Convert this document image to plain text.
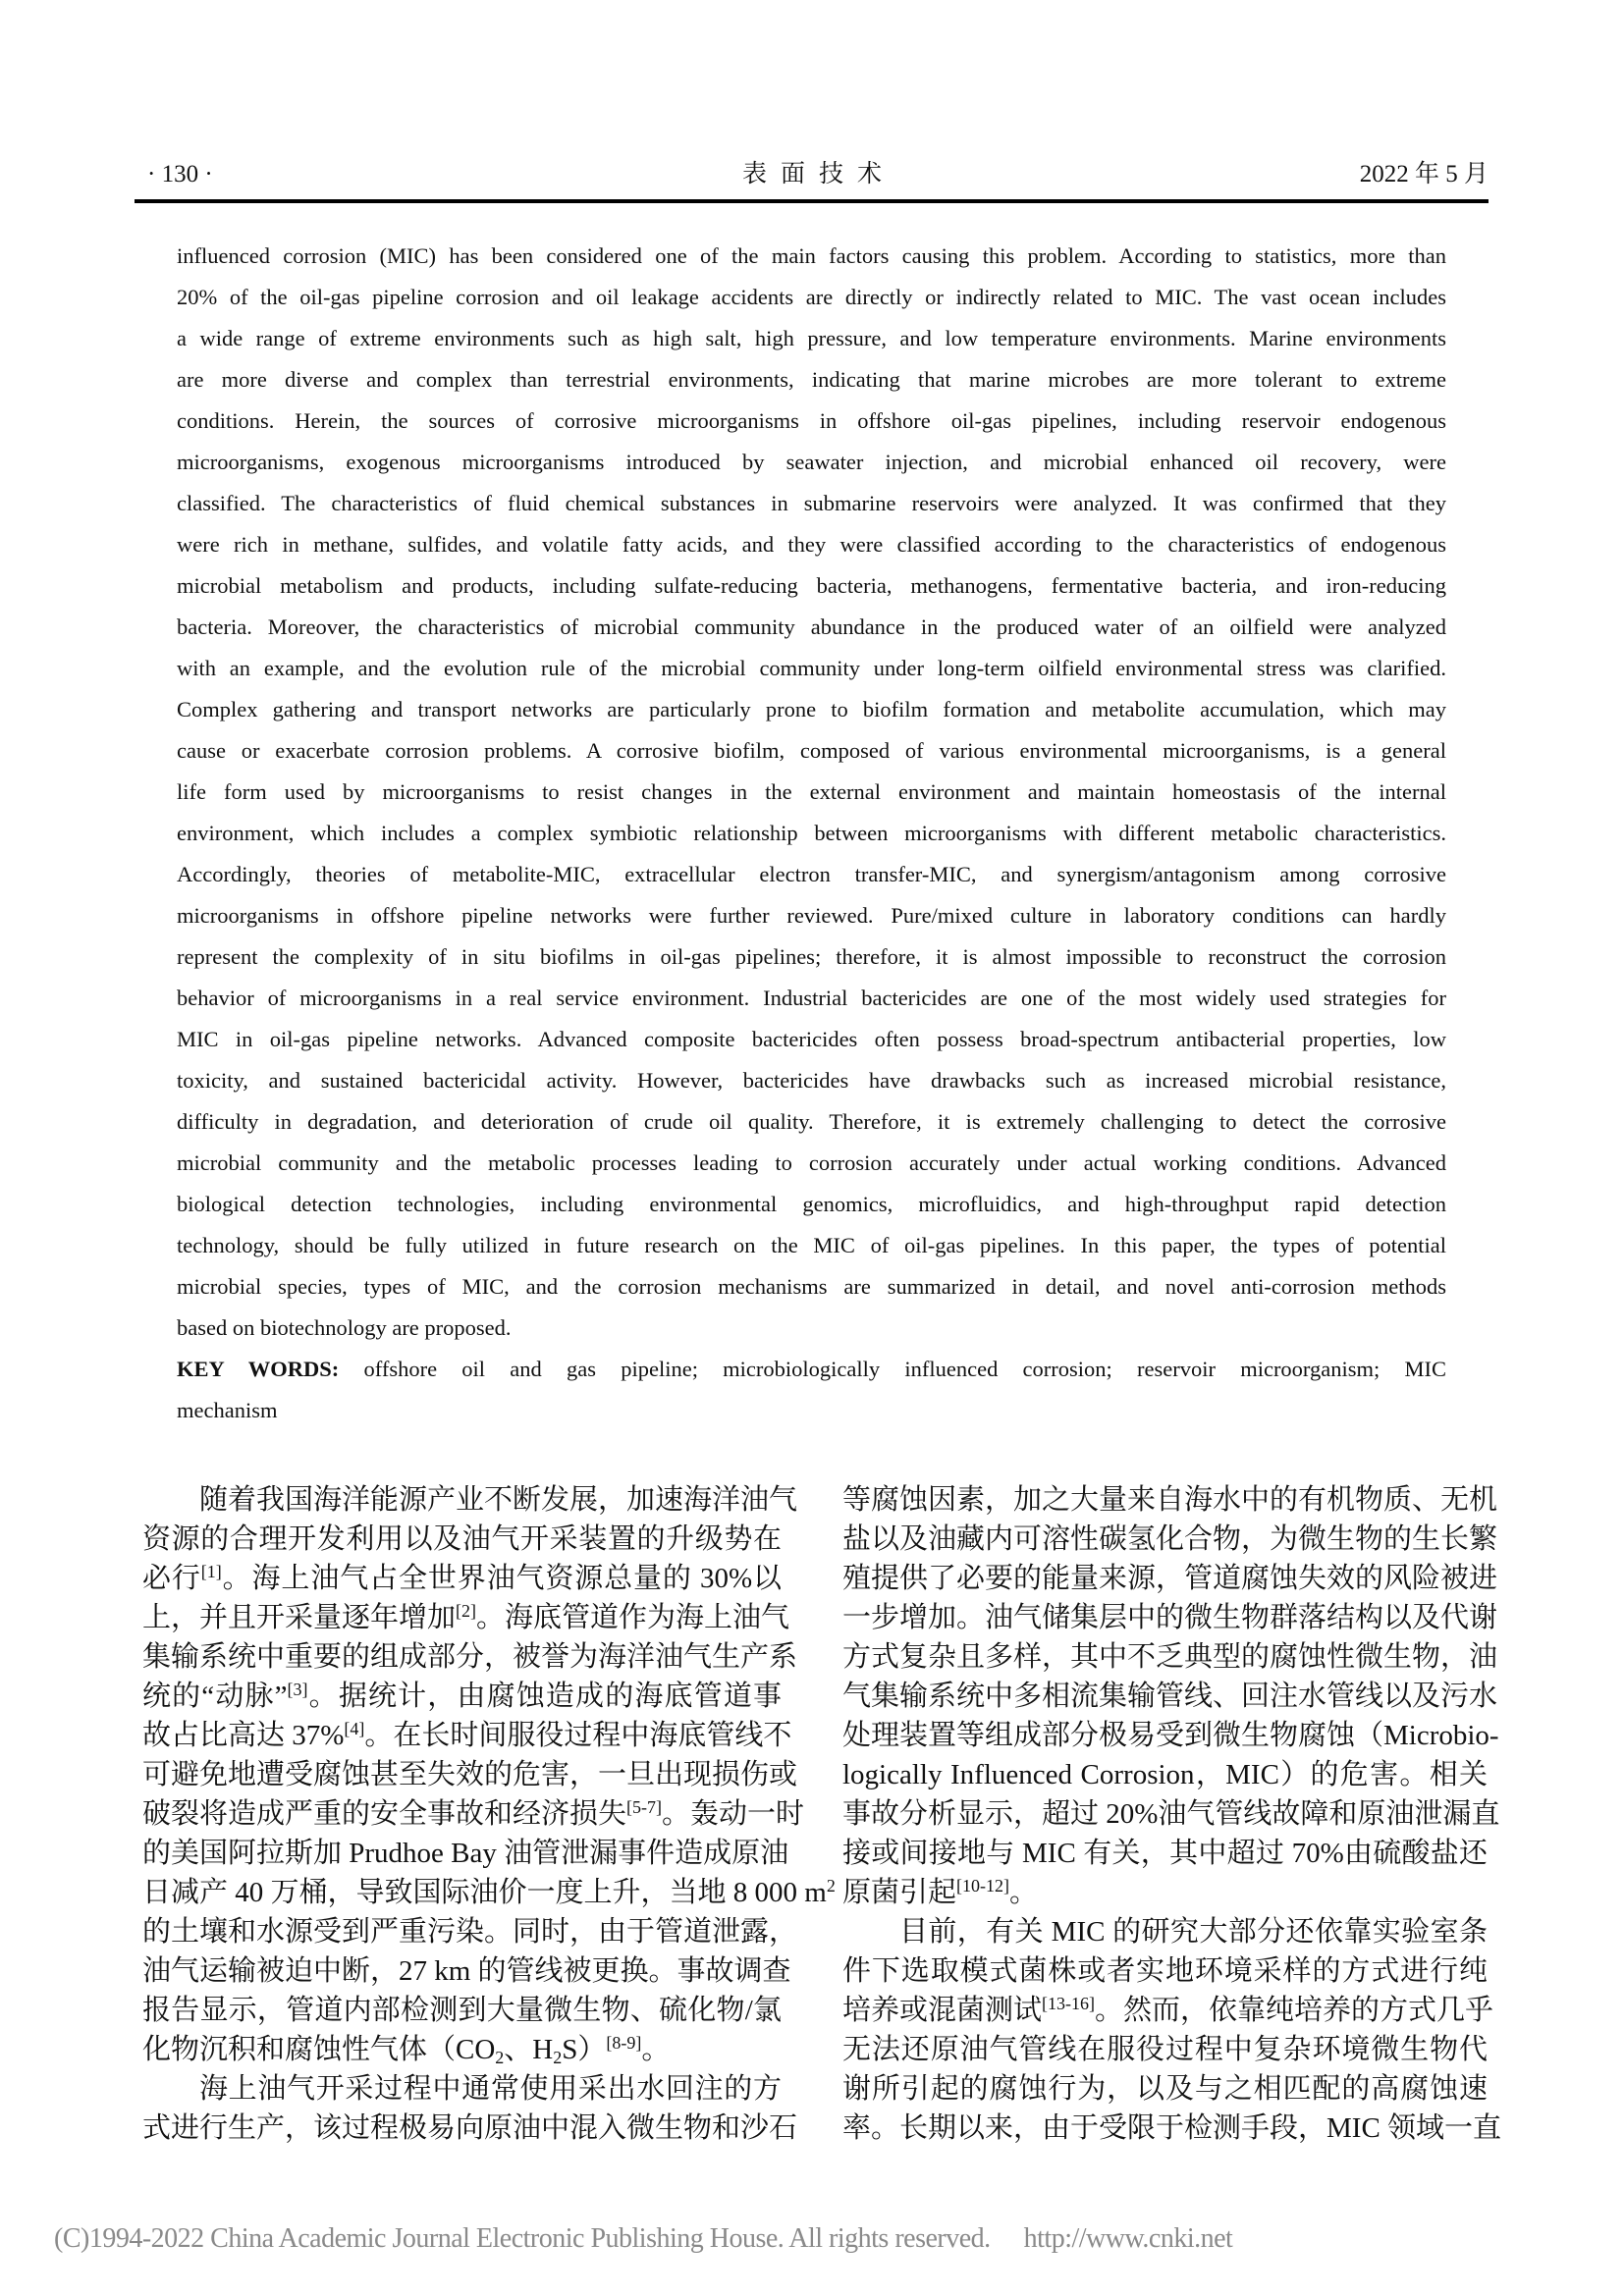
· 130 ·	表面技术	2022 年 5 月
influenced corrosion (MIC) has been considered one of the main factors causing this problem. According to statistics, more than
20% of the oil-gas pipeline corrosion and oil leakage accidents are directly or indirectly related to MIC. The vast ocean includes
a wide range of extreme environments such as high salt, high pressure, and low temperature environments. Marine environments
are more diverse and complex than terrestrial environments, indicating that marine microbes are more tolerant to extreme
conditions. Herein, the sources of corrosive microorganisms in offshore oil-gas pipelines, including reservoir endogenous
microorganisms, exogenous microorganisms introduced by seawater injection, and microbial enhanced oil recovery, were
classified. The characteristics of fluid chemical substances in submarine reservoirs were analyzed. It was confirmed that they
were rich in methane, sulfides, and volatile fatty acids, and they were classified according to the characteristics of endogenous
microbial metabolism and products, including sulfate-reducing bacteria, methanogens, fermentative bacteria, and iron-reducing
bacteria. Moreover, the characteristics of microbial community abundance in the produced water of an oilfield were analyzed
with an example, and the evolution rule of the microbial community under long-term oilfield environmental stress was clarified.
Complex gathering and transport networks are particularly prone to biofilm formation and metabolite accumulation, which may
cause or exacerbate corrosion problems. A corrosive biofilm, composed of various environmental microorganisms, is a general
life form used by microorganisms to resist changes in the external environment and maintain homeostasis of the internal
environment, which includes a complex symbiotic relationship between microorganisms with different metabolic characteristics.
Accordingly, theories of metabolite-MIC, extracellular electron transfer-MIC, and synergism/antagonism among corrosive
microorganisms in offshore pipeline networks were further reviewed. Pure/mixed culture in laboratory conditions can hardly
represent the complexity of in situ biofilms in oil-gas pipelines; therefore, it is almost impossible to reconstruct the corrosion
behavior of microorganisms in a real service environment. Industrial bactericides are one of the most widely used strategies for
MIC in oil-gas pipeline networks. Advanced composite bactericides often possess broad-spectrum antibacterial properties, low
toxicity, and sustained bactericidal activity. However, bactericides have drawbacks such as increased microbial resistance,
difficulty in degradation, and deterioration of crude oil quality. Therefore, it is extremely challenging to detect the corrosive
microbial community and the metabolic processes leading to corrosion accurately under actual working conditions. Advanced
biological detection technologies, including environmental genomics, microfluidics, and high-throughput rapid detection
technology, should be fully utilized in future research on the MIC of oil-gas pipelines. In this paper, the types of potential
microbial species, types of MIC, and the corrosion mechanisms are summarized in detail, and novel anti-corrosion methods
based on biotechnology are proposed.
KEY WORDS: offshore oil and gas pipeline; microbiologically influenced corrosion; reservoir microorganism; MIC
mechanism
随着我国海洋能源产业不断发展，加速海洋油气
资源的合理开发利用以及油气开采装置的升级势在
必行[1]。海上油气占全世界油气资源总量的 30%以
上，并且开采量逐年增加[2]。海底管道作为海上油气
集输系统中重要的组成部分，被誉为海洋油气生产系
统的“动脉”[3]。据统计，由腐蚀造成的海底管道事
故占比高达 37%[4]。在长时间服役过程中海底管线不
可避免地遭受腐蚀甚至失效的危害，一旦出现损伤或
破裂将造成严重的安全事故和经济损失[5-7]。轰动一时
的美国阿拉斯加 Prudhoe Bay 油管泄漏事件造成原油
日减产 40 万桶，导致国际油价一度上升，当地 8 000 $m^2$
的土壤和水源受到严重污染。同时，由于管道泄露，
油气运输被迫中断，27 km 的管线被更换。事故调查
报告显示，管道内部检测到大量微生物、硫化物/氯
化物沉积和腐蚀性气体（$CO_2$、$H_2S)[8-9]$。
海上油气开采过程中通常使用采出水回注的方
式进行生产，该过程极易向原油中混入微生物和沙石
等腐蚀因素，加之大量来自海水中的有机物质、无机
盐以及油藏内可溶性碳氢化合物，为微生物的生长繁
殖提供了必要的能量来源，管道腐蚀失效的风险被进
一步增加。油气储集层中的微生物群落结构以及代谢
方式复杂且多样，其中不乏典型的腐蚀性微生物，油
气集输系统中多相流集输管线、回注水管线以及污水
处理装置等组成部分极易受到微生物腐蚀（Microbio-
logically Influenced Corrosion，MIC）的危害。相关
事故分析显示，超过 20%油气管线故障和原油泄漏直
接或间接地与 MIC 有关，其中超过 70%由硫酸盐还
原菌引起[10-12]。
目前，有关 MIC 的研究大部分还依靠实验室条
件下选取模式菌株或者实地环境采样的方式进行纯
培养或混菌测试[13-16]。然而，依靠纯培养的方式几乎
无法还原油气管线在服役过程中复杂环境微生物代
谢所引起的腐蚀行为，以及与之相匹配的高腐蚀速
率。长期以来，由于受限于检测手段，MIC 领域一直
(C)1994-2022 China Academic Journal Electronic Publishing House. All rights reserved. http://www.cnki.net
